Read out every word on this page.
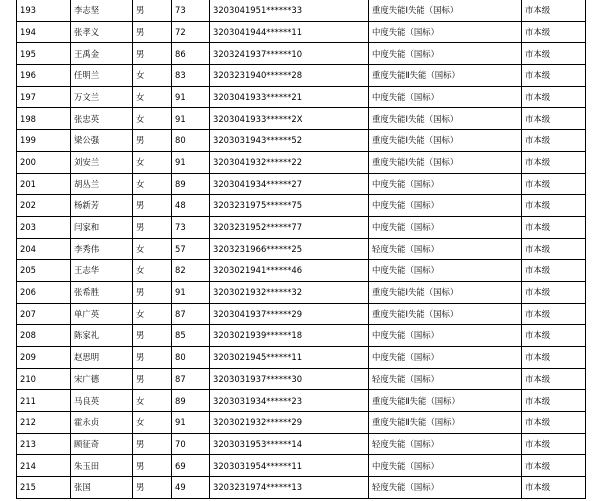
193	李志坚	男	73	3203041951******33	重度失能Ⅰ失能（国标）	市本级
194	张孝义	男	72	3203041944******11	中度失能（国标）	市本级
195	王禹金	男	86	3203241937******10	中度失能（国标）	市本级
196	任明兰	女	83	3203231940******28	重度失能Ⅱ失能（国标）	市本级
197	万文兰	女	91	3203041933******21	中度失能（国标）	市本级
198	张忠英	女	91	3203041933******2X	重度失能Ⅰ失能（国标）	市本级
199	梁公强	男	80	3203031943******52	重度失能Ⅰ失能（国标）	市本级
200	刘安兰	女	91	3203041932******22	重度失能Ⅰ失能（国标）	市本级
201	胡丛兰	女	89	3203041934******27	中度失能（国标）	市本级
202	杨新芳	男	48	3203231975******75	中度失能（国标）	市本级
203	闫家和	男	73	3203231952******77	中度失能（国标）	市本级
204	李秀伟	女	57	3203231966******25	轻度失能（国标）	市本级
205	王志华	女	82	3203021941******46	中度失能（国标）	市本级
206	张希胜	男	91	3203021932******32	重度失能Ⅰ失能（国标）	市本级
207	单广英	女	87	3203041937******29	重度失能Ⅰ失能（国标）	市本级
208	陈家礼	男	85	3203021939******18	中度失能（国标）	市本级
209	赵思明	男	80	3203021945******11	中度失能（国标）	市本级
210	宋广德	男	87	3203031937******30	轻度失能（国标）	市本级
211	马良英	女	89	3203031934******23	重度失能Ⅱ失能（国标）	市本级
212	霍永贞	女	91	3203021932******29	重度失能Ⅱ失能（国标）	市本级
213	顾征奇	男	70	3203031953******14	轻度失能（国标）	市本级
214	朱玉田	男	69	3203031954******11	中度失能（国标）	市本级
215	张国	男	49	3203231974******13	轻度失能（国标）	市本级
